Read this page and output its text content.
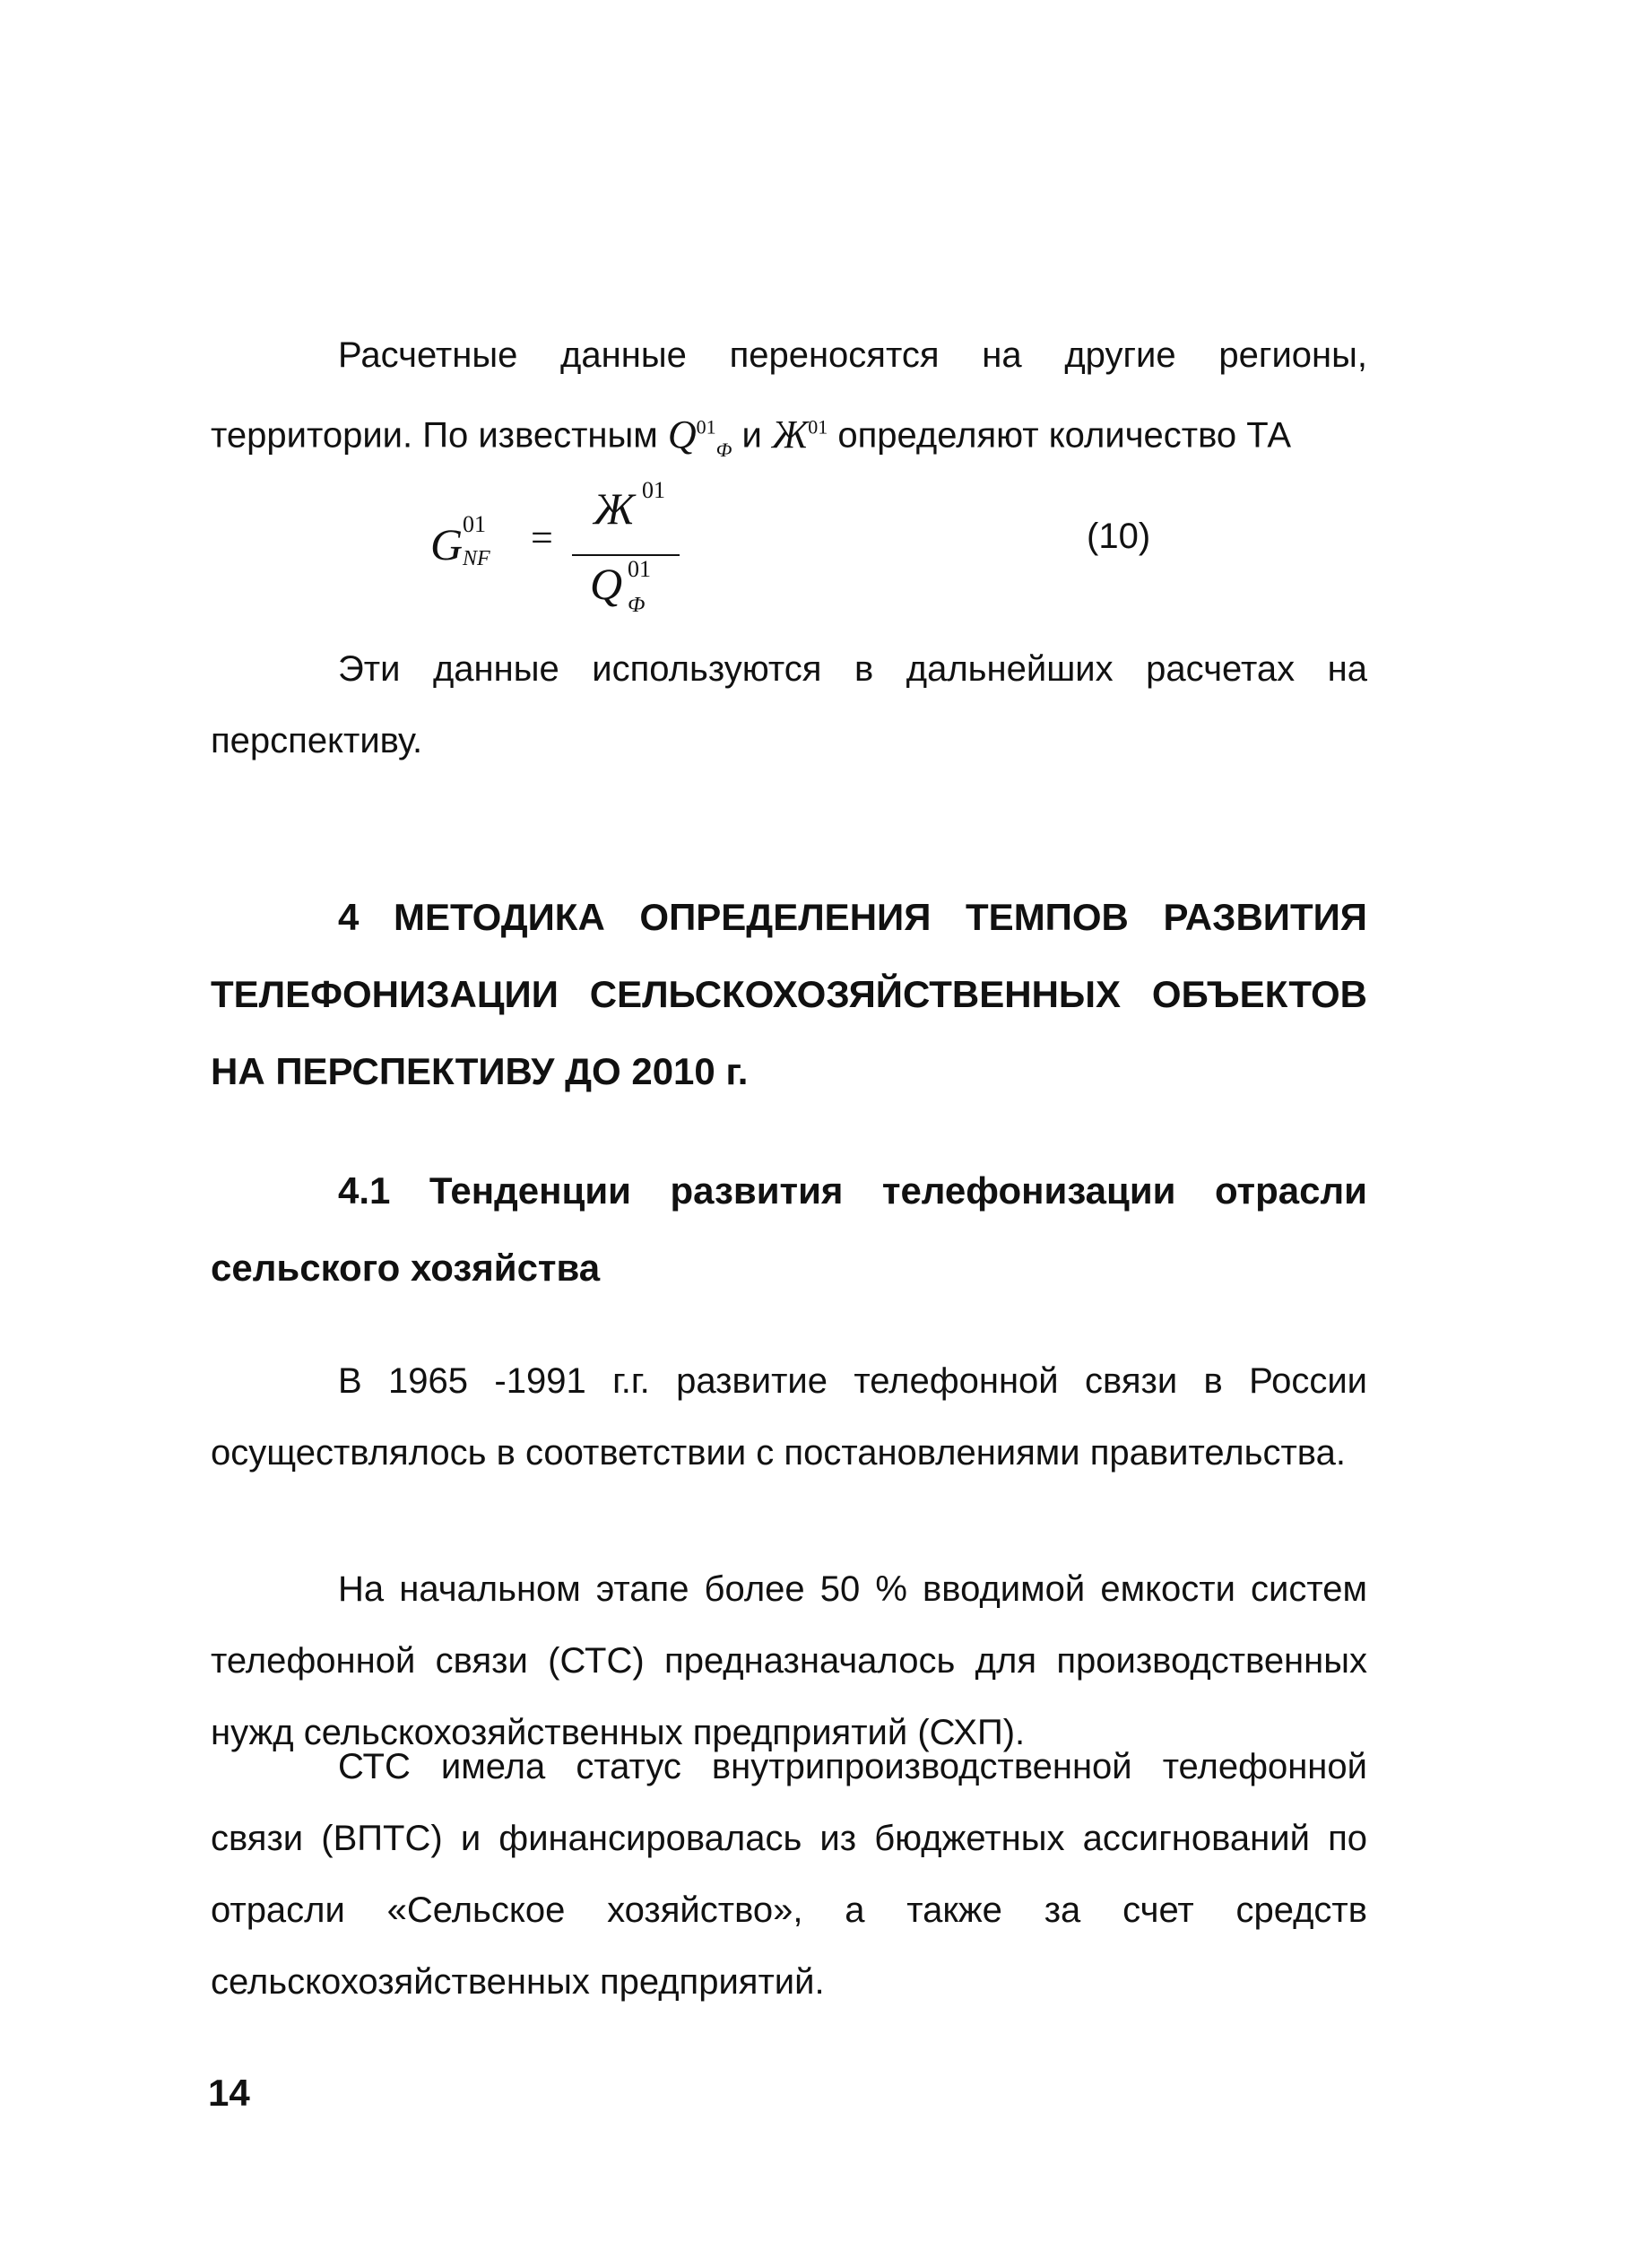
Расчетные данные переносятся на другие регионы, территории. По известным $Q^{01}_Ф$ и $Ж^{01}$ определяют количество ТА

G 01
NF =
Ж 01
Q 01
Ф
(10)

Эти данные используются в дальнейших расчетах на перспективу.

4 МЕТОДИКА ОПРЕДЕЛЕНИЯ ТЕМПОВ РАЗВИТИЯ ТЕЛЕФОНИЗАЦИИ СЕЛЬСКОХОЗЯЙСТВЕННЫХ ОБЪЕКТОВ НА ПЕРСПЕКТИВУ ДО 2010 г.
4.1 Тенденции развития телефонизации отрасли сельского хозяйства

В 1965 -1991 г.г. развитие телефонной связи в России осуществлялось в соответствии с постановлениями правительства.

На начальном этапе более 50 % вводимой емкости систем телефонной связи (СТС) предназначалось для производственных нужд сельскохозяйственных предприятий (СХП).

СТС имела статус внутрипроизводственной телефонной связи (ВПТС) и финансировалась из бюджетных ассигнований по отрасли «Сельское хозяйство», а также за счет средств сельскохозяйственных предприятий.

14
